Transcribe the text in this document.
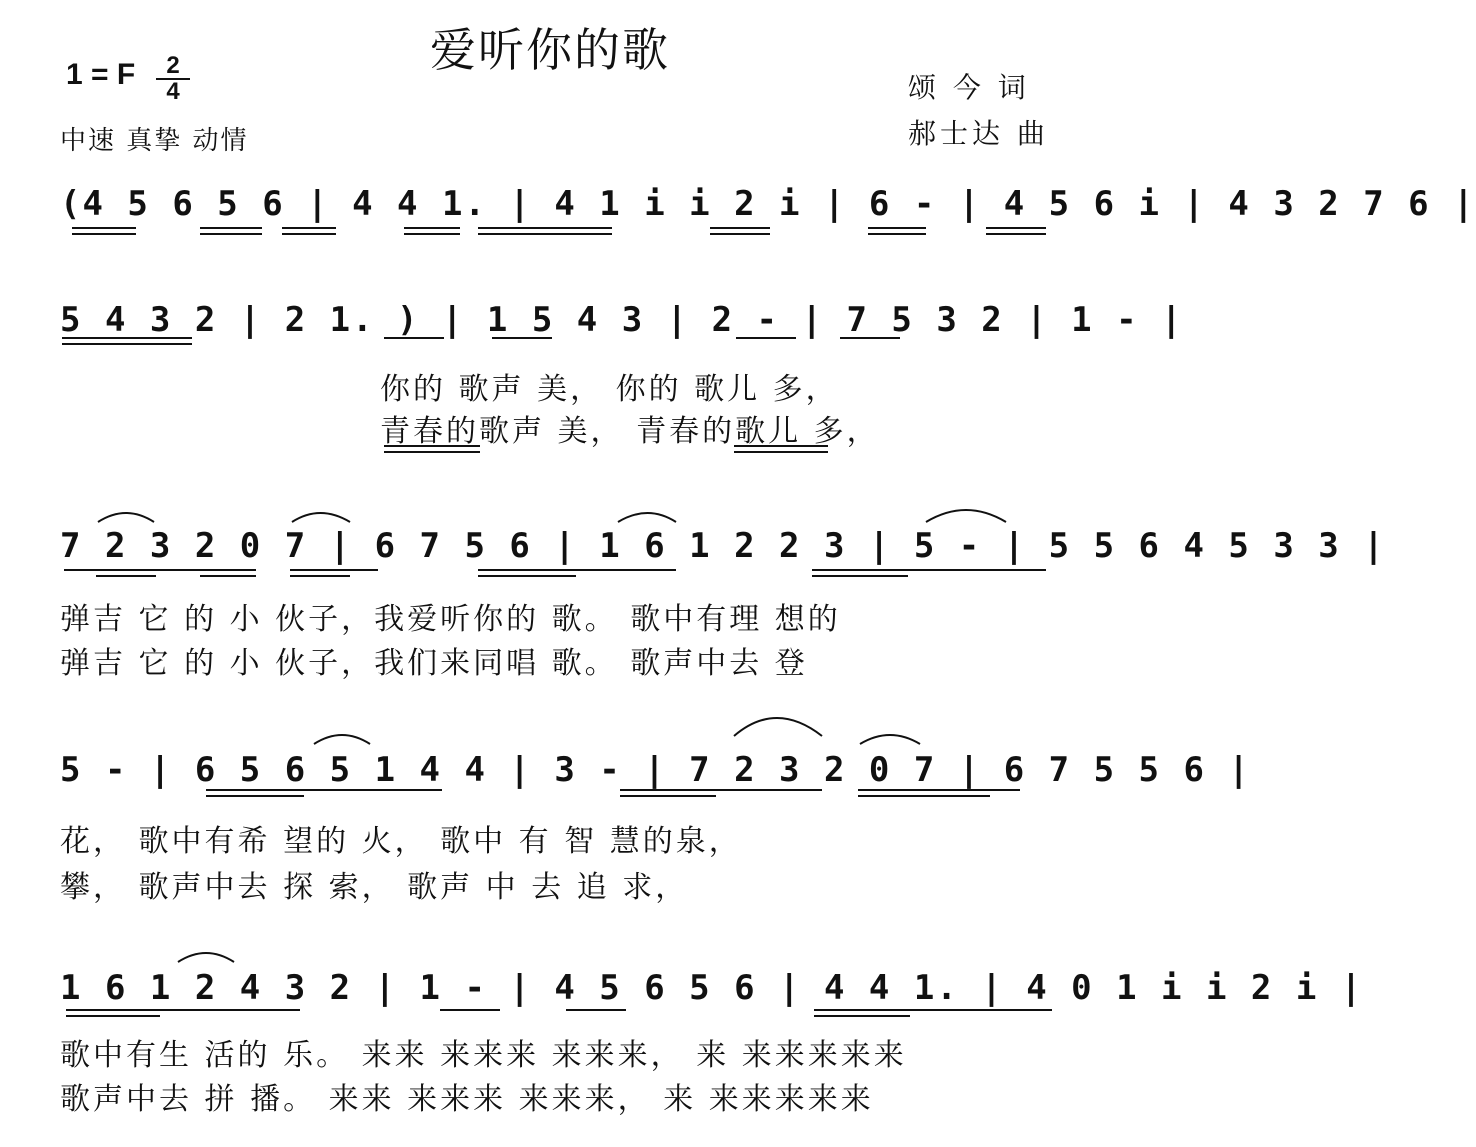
爱听你的歌
1 = F $\frac{2}{4}$
中速 真挚 动情
颂 今 词
郝士达 曲
(4 5 6 5 6 | 4 4 1. | 4 1 i i 2 i | 6 - | 4 5 6 i | 4 3 2 7 6 |
5 4 3 2 | 2 1. ) | 1 5 4 3 | 2 - | 7 5 3 2 | 1 - |
7 2 3 2 0 7 | 6 7 5 6 | 1 6 1 2 2 3 | 5 - | 5 5 6 4 5 3 3 |
5 - | 6 5 6 5 1 4 4 | 3 - | 7 2 3 2 0 7 | 6 7 5 5 6 |
1 6 1 2 4 3 2 | 1 - | 4 5 6 5 6 | 4 4 1. | 4 0 1 i i 2 i |
你的 歌声 美， 你的 歌儿 多，
青春的歌声 美， 青春的歌儿 多，
弹吉 它 的 小 伙子，我爱听你的 歌。 歌中有理 想的
弹吉 它 的 小 伙子，我们来同唱 歌。 歌声中去 登
花， 歌中有希 望的 火， 歌中 有 智 慧的泉，
攀， 歌声中去 探 索， 歌声 中 去 追 求，
歌中有生 活的 乐。 来来 来来来 来来来， 来 来来来来来
歌声中去 拼 播。 来来 来来来 来来来， 来 来来来来来
